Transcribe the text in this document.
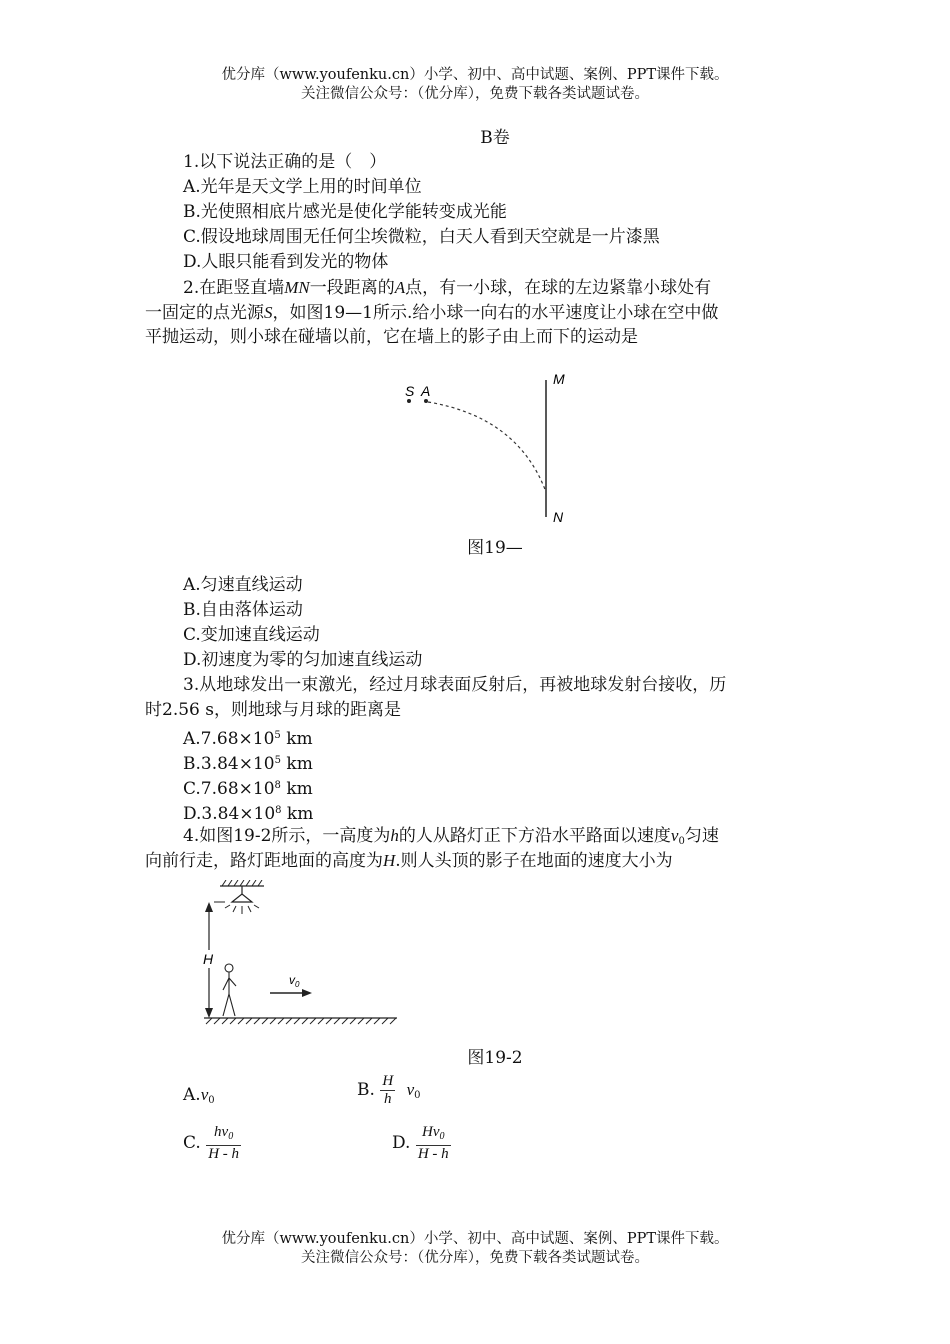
优分库（www.youfenku.cn）小学、初中、高中试题、案例、PPT课件下载。
关注微信公众号：（优分库），免费下载各类试题试卷。
B卷
1.以下说法正确的是（　）
A.光年是天文学上用的时间单位
B.光使照相底片感光是使化学能转变成光能
C.假设地球周围无任何尘埃微粒，白天人看到天空就是一片漆黑
D.人眼只能看到发光的物体
2.在距竖直墙MN一段距离的A点，有一小球，在球的左边紧靠小球处有
一固定的点光源S，如图19—1所示.给小球一向右的水平速度让小球在空中做
平抛运动，则小球在碰墙以前，它在墙上的影子由上而下的运动是
S A
M
N
图19—
A.匀速直线运动
B.自由落体运动
C.变加速直线运动
D.初速度为零的匀加速直线运动
3.从地球发出一束激光，经过月球表面反射后，再被地球发射台接收，历
时2.56 s，则地球与月球的距离是
$A.7.68\times 10^5$ km
$B.3.84\times 10^5$ km
$C.7.68\times 10^8$ km
$D.3.84\times 10^8$ km
4.如图19-2所示，一高度为h的人从路灯正下方沿水平路面以速度$v_0$匀速
向前行走，路灯距地面的高度为H.则人头顶的影子在地面的速度大小为
H
$v_0$
图19-2
$A.v_0$
B. $\frac{H}{h} v_0$
C. $\frac{hv_0}{H - h}$	D. $\frac{Hv_0}{H - h}$
优分库（www.youfenku.cn）小学、初中、高中试题、案例、PPT课件下载。
关注微信公众号：（优分库），免费下载各类试题试卷。
